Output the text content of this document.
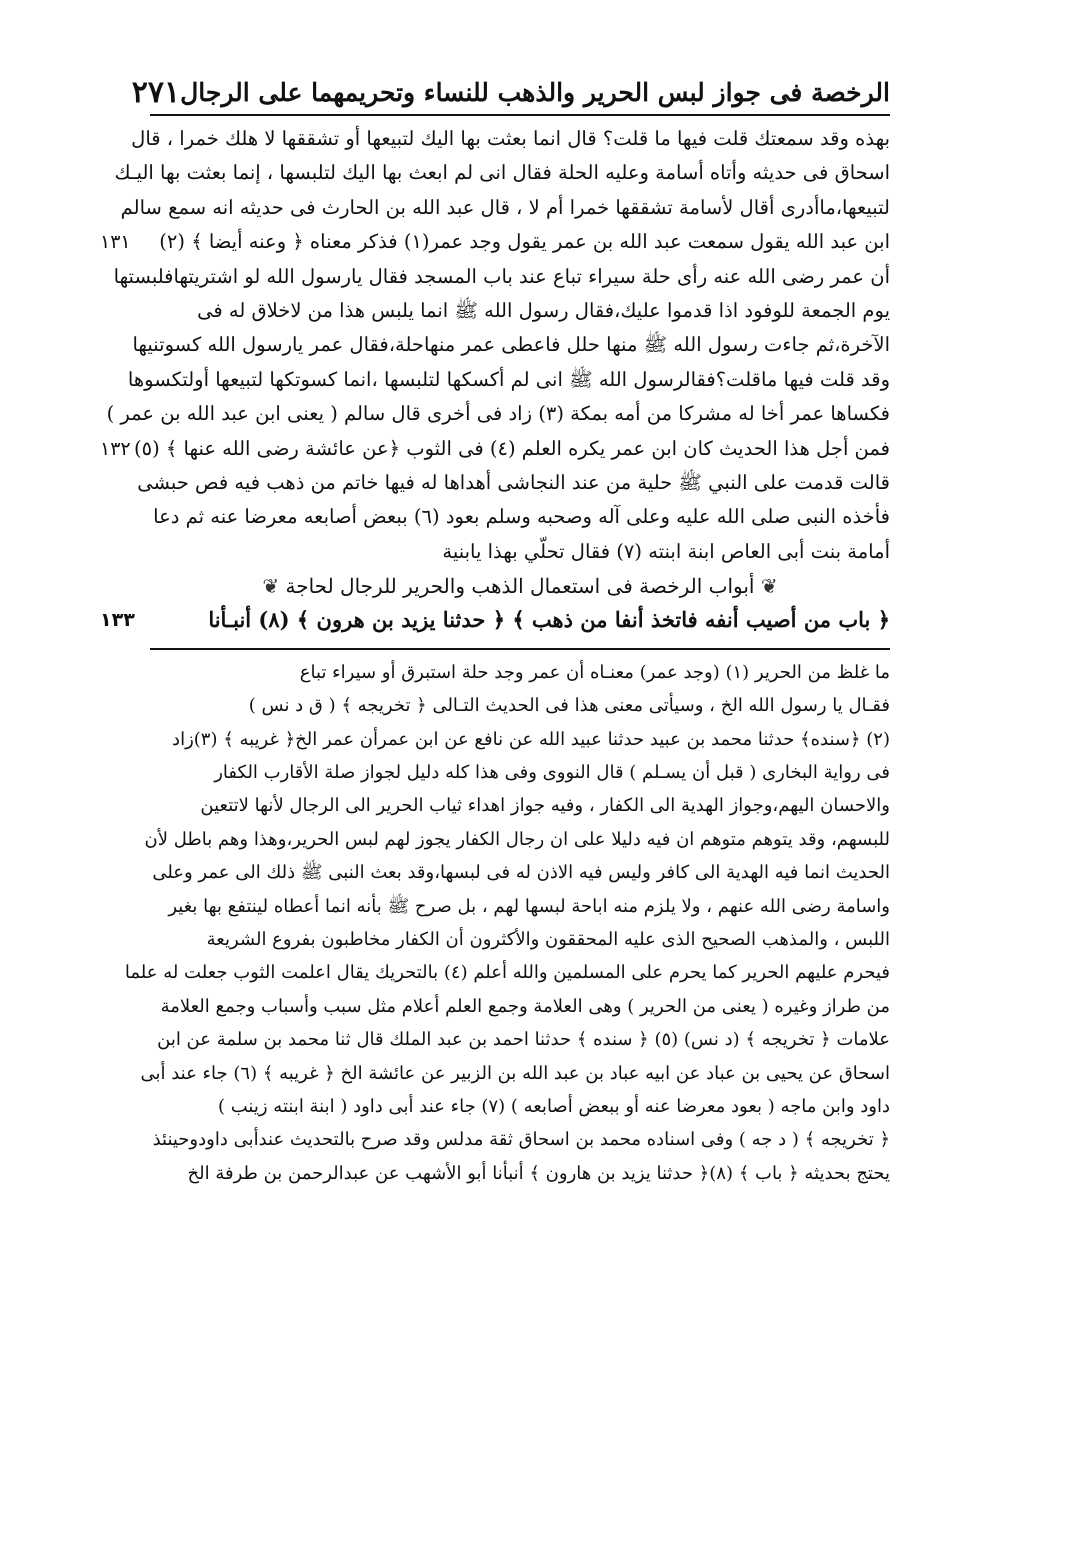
الرخصة فى جواز لبس الحرير والذهب للنساء وتحريمهما على الرجال
٢٧١
بهذه وقد سمعتك قلت فيها ما قلت؟ قال انما بعثت بها اليك لتبيعها أو تشققها لا هلك خمرا ، قال
اسحاق فى حديثه وأتاه أسامة وعليه الحلة فقال انى لم ابعث بها اليك لتلبسها ، إنما بعثت بها اليـك
لتبيعها،ماأدرى أقال لأسامة تشققها خمرا أم لا ، قال عبد الله بن الحارث فى حديثه انه سمع سالم
ابن عبد الله يقول سمعت عبد الله بن عمر يقول وجد عمر(١) فذكر معناه ﴿ وعنه أيضا ﴾ (٢)
١٣١
أن عمر رضى الله عنه رأى حلة سيراء تباع عند باب المسجد فقال يارسول الله لو اشتريتهافلبستها
يوم الجمعة للوفود اذا قدموا عليك،فقال رسول الله ﷺ انما يلبس هذا من لاخلاق له فى
الآخرة،ثم جاءت رسول الله ﷺ منها حلل فاعطى عمر منهاحلة،فقال عمر يارسول الله كسوتنيها
وقد قلت فيها ماقلت؟فقالرسول الله ﷺ انى لم أكسكها لتلبسها ،انما كسوتكها لتبيعها أولتكسوها
فكساها عمر أخا له مشركا من أمه بمكة (٣) زاد فى أخرى قال سالم ( يعنى ابن عبد الله بن عمر )
فمن أجل هذا الحديث كان ابن عمر يكره العلم (٤) فى الثوب ﴿عن عائشة رضى الله عنها ﴾ (٥)
١٣٢
قالت قدمت على النبي ﷺ حلية من عند النجاشى أهداها له فيها خاتم من ذهب فيه فص حبشى
فأخذه النبى صلى الله عليه وعلى آله وصحبه وسلم بعود (٦) ببعض أصابعه معرضا عنه ثم دعا
أمامة بنت أبى العاص ابنة ابنته (٧) فقال تحلّي بهذا يابنية
❦ أبواب الرخصة فى استعمال الذهب والحرير للرجال لحاجة ❦
﴿ باب من أصيب أنفه فاتخذ أنفا من ذهب ﴾ ﴿ حدثنا يزيد بن هرون ﴾ (٨) أنبـأنا
١٣٣
ما غلظ من الحرير (١) (وجد عمر) معنـاه أن عمر وجد حلة استبرق أو سيراء تباع
فقـال يا رسول الله الخ ، وسيأتى معنى هذا فى الحديث التـالى ﴿ تخريجه ﴾ ( ق د نس )
(٢) ﴿سنده﴾ حدثنا محمد بن عبيد حدثنا عبيد الله عن نافع عن ابن عمرأن عمر الخ﴿ غريبه ﴾ (٣)زاد
فى رواية البخارى ( قبل أن يسـلم ) قال النووى وفى هذا كله دليل لجواز صلة الأقارب الكفار
والاحسان اليهم،وجواز الهدية الى الكفار ، وفيه جواز اهداء ثياب الحرير الى الرجال لأنها لاتتعين
للبسهم، وقد يتوهم متوهم ان فيه دليلا على ان رجال الكفار يجوز لهم لبس الحرير،وهذا وهم باطل لأن
الحديث انما فيه الهدية الى كافر وليس فيه الاذن له فى لبسها،وقد بعث النبى ﷺ ذلك الى عمر وعلى
واسامة رضى الله عنهم ، ولا يلزم منه اباحة لبسها لهم ، بل صرح ﷺ بأنه انما أعطاه لينتفع بها بغير
اللبس ، والمذهب الصحيح الذى عليه المحققون والأكثرون أن الكفار مخاطبون بفروع الشريعة
فيحرم عليهم الحرير كما يحرم على المسلمين والله أعلم (٤) بالتحريك يقال اعلمت الثوب جعلت له علما
من طراز وغيره ( يعنى من الحرير ) وهى العلامة وجمع العلم أعلام مثل سبب وأسباب وجمع العلامة
علامات ﴿ تخريجه ﴾ (د نس) (٥) ﴿ سنده ﴾ حدثنا احمد بن عبد الملك قال ثنا محمد بن سلمة عن ابن
اسحاق عن يحيى بن عباد عن ابيه عباد بن عبد الله بن الزبير عن عائشة الخ ﴿ غريبه ﴾ (٦) جاء عند أبى
داود وابن ماجه ( بعود معرضا عنه أو ببعض أصابعه ) (٧) جاء عند أبى داود ( ابنة ابنته زينب )
﴿ تخريجه ﴾ ( د جه ) وفى اسناده محمد بن اسحاق ثقة مدلس وقد صرح بالتحديث عندأبى داودوحينئذ
يحتج بحديثه ﴿ باب ﴾ (٨)﴿ حدثنا يزيد بن هارون ﴾ أنبأنا أبو الأشهب عن عبدالرحمن بن طرفة الخ
